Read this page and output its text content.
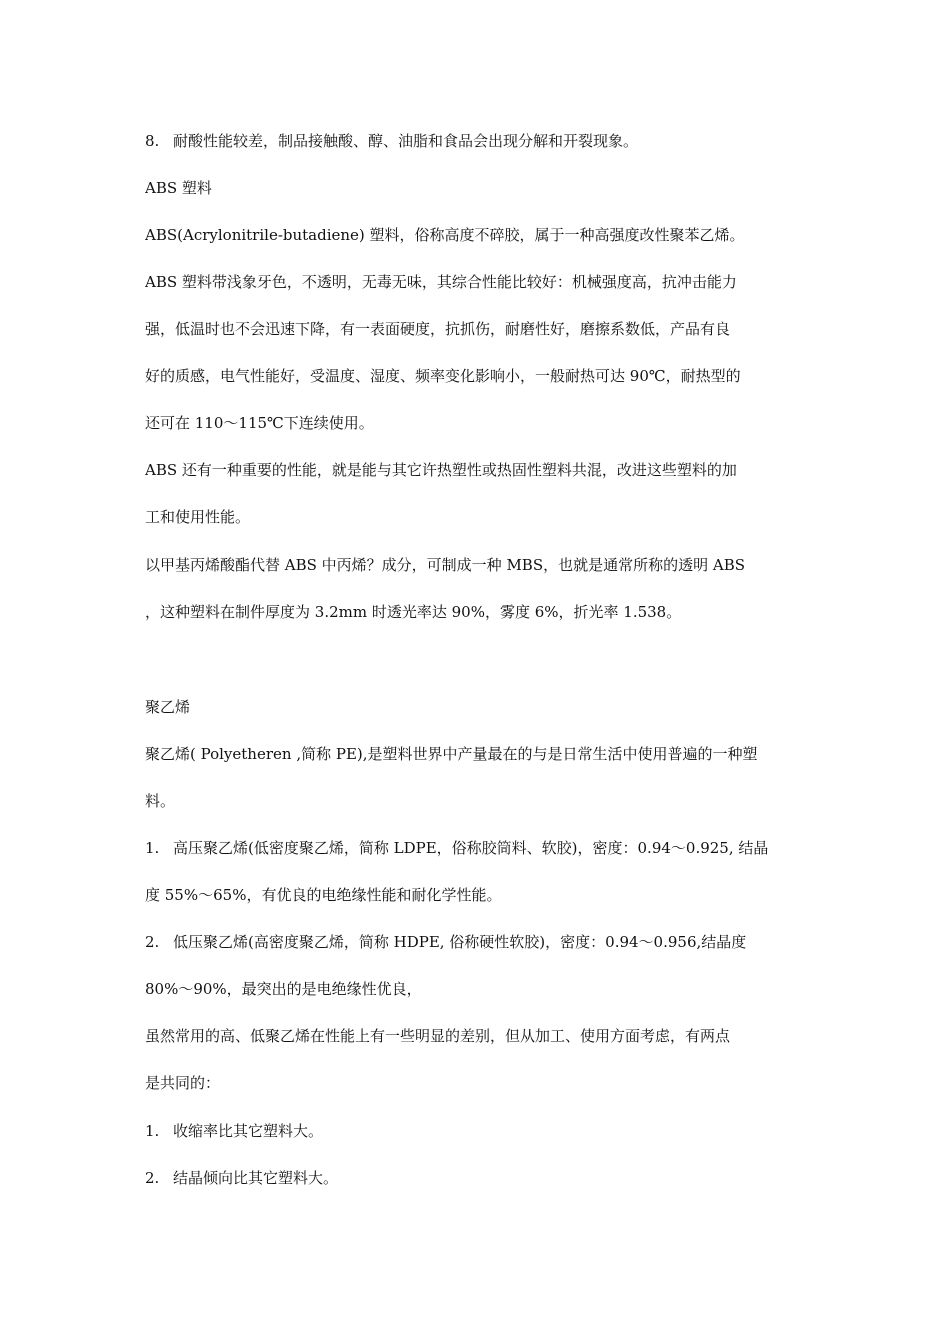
8. 耐酸性能较差，制品接触酸、醇、油脂和食品会出现分解和开裂现象。
ABS 塑料
ABS(Acrylonitrile-butadiene) 塑料，俗称高度不碎胶，属于一种高强度改性聚苯乙烯。
ABS 塑料带浅象牙色，不透明，无毒无味，其综合性能比较好：机械强度高，抗冲击能力
强，低温时也不会迅速下降，有一表面硬度，抗抓伤，耐磨性好，磨擦系数低，产品有良
好的质感，电气性能好，受温度、湿度、频率变化影响小，一般耐热可达 90℃，耐热型的
还可在 110～115℃下连续使用。
ABS 还有一种重要的性能，就是能与其它许热塑性或热固性塑料共混，改进这些塑料的加
工和使用性能。
以甲基丙烯酸酯代替 ABS 中丙烯？成分，可制成一种 MBS，也就是通常所称的透明 ABS
，这种塑料在制件厚度为 3.2mm 时透光率达 90%，雾度 6%，折光率 1.538。
聚乙烯
聚乙烯( Polyetheren ,简称 PE),是塑料世界中产量最在的与是日常生活中使用普遍的一种塑
料。
1. 高压聚乙烯(低密度聚乙烯，简称 LDPE，俗称胶筒料、软胶)，密度：0.94～0.925, 结晶
度 55%～65%，有优良的电绝缘性能和耐化学性能。
2. 低压聚乙烯(高密度聚乙烯，简称 HDPE, 俗称硬性软胶)，密度：0.94～0.956,结晶度
80%～90%，最突出的是电绝缘性优良，
虽然常用的高、低聚乙烯在性能上有一些明显的差别，但从加工、使用方面考虑，有两点
是共同的：
1. 收缩率比其它塑料大。
2. 结晶倾向比其它塑料大。
